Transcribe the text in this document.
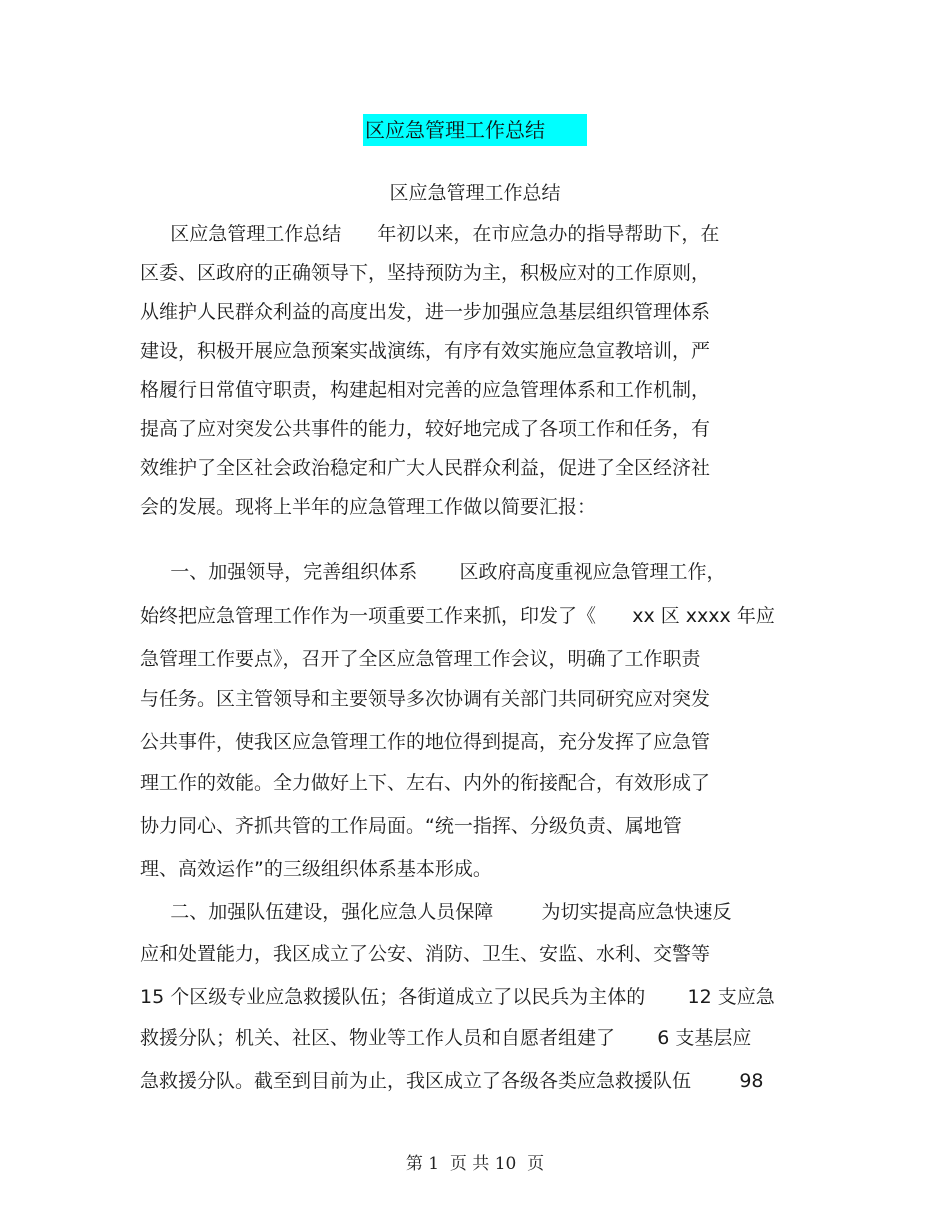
区应急管理工作总结
区应急管理工作总结
区应急管理工作总结      年初以来，在市应急办的指导帮助下，在
区委、区政府的正确领导下，坚持预防为主，积极应对的工作原则，
从维护人民群众利益的高度出发，进一步加强应急基层组织管理体系
建设，积极开展应急预案实战演练，有序有效实施应急宣教培训，严
格履行日常值守职责，构建起相对完善的应急管理体系和工作机制，
提高了应对突发公共事件的能力，较好地完成了各项工作和任务，有
效维护了全区社会政治稳定和广大人民群众利益，促进了全区经济社
会的发展。现将上半年的应急管理工作做以简要汇报：
一、加强领导，完善组织体系       区政府高度重视应急管理工作，
始终把应急管理工作作为一项重要工作来抓，印发了《      xx 区 xxxx 年应
急管理工作要点》，召开了全区应急管理工作会议，明确了工作职责
与任务。区主管领导和主要领导多次协调有关部门共同研究应对突发
公共事件，使我区应急管理工作的地位得到提高，充分发挥了应急管
理工作的效能。全力做好上下、左右、内外的衔接配合，有效形成了
协力同心、齐抓共管的工作局面。“统一指挥、分级负责、属地管
理、高效运作”的三级组织体系基本形成。
二、加强队伍建设，强化应急人员保障        为切实提高应急快速反
应和处置能力，我区成立了公安、消防、卫生、安监、水利、交警等
15 个区级专业应急救援队伍；各街道成立了以民兵为主体的       12 支应急
救援分队；机关、社区、物业等工作人员和自愿者组建了       6 支基层应
急救援分队。截至到目前为止，我区成立了各级各类应急救援队伍        98
第 1  页 共 10  页
